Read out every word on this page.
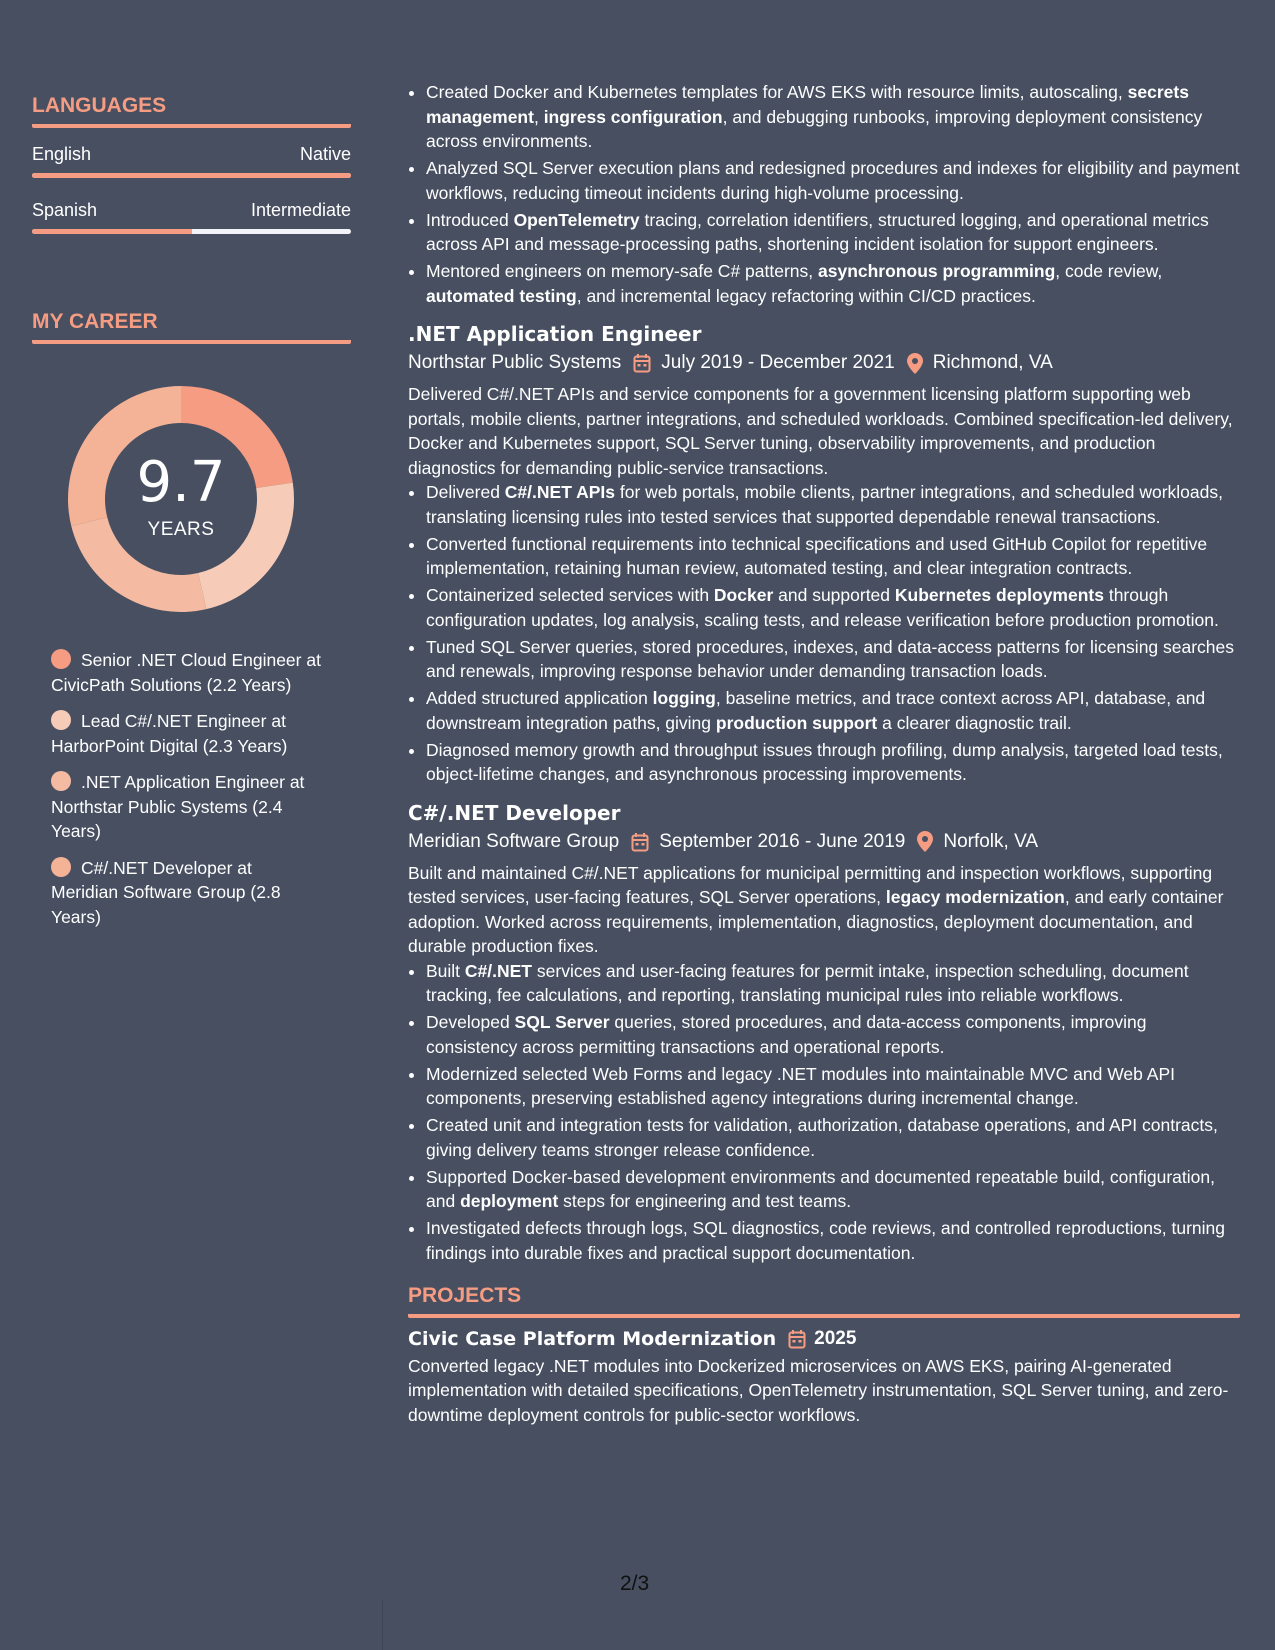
LANGUAGES
English	Native
Spanish	Intermediate
MY CAREER
9.7
YEARS
Senior .NET Cloud Engineer at CivicPath Solutions (2.2 Years)
Lead C#/.NET Engineer at HarborPoint Digital (2.3 Years)
.NET Application Engineer at Northstar Public Systems (2.4 Years)
C#/.NET Developer at Meridian Software Group (2.8 Years)
• Created Docker and Kubernetes templates for AWS EKS with resource limits, autoscaling, secrets management, ingress configuration, and debugging runbooks, improving deployment consistency across environments.
• Analyzed SQL Server execution plans and redesigned procedures and indexes for eligibility and payment workflows, reducing timeout incidents during high-volume processing.
• Introduced OpenTelemetry tracing, correlation identifiers, structured logging, and operational metrics across API and message-processing paths, shortening incident isolation for support engineers.
• Mentored engineers on memory-safe C# patterns, asynchronous programming, code review, automated testing, and incremental legacy refactoring within CI/CD practices.
.NET Application Engineer
Northstar Public Systems July 2019 - December 2021 Richmond, VA
Delivered C#/.NET APIs and service components for a government licensing platform supporting web portals, mobile clients, partner integrations, and scheduled workloads. Combined specification-led delivery, Docker and Kubernetes support, SQL Server tuning, observability improvements, and production diagnostics for demanding public-service transactions.
• Delivered C#/.NET APIs for web portals, mobile clients, partner integrations, and scheduled workloads, translating licensing rules into tested services that supported dependable renewal transactions.
• Converted functional requirements into technical specifications and used GitHub Copilot for repetitive implementation, retaining human review, automated testing, and clear integration contracts.
• Containerized selected services with Docker and supported Kubernetes deployments through configuration updates, log analysis, scaling tests, and release verification before production promotion.
• Tuned SQL Server queries, stored procedures, indexes, and data-access patterns for licensing searches and renewals, improving response behavior under demanding transaction loads.
• Added structured application logging, baseline metrics, and trace context across API, database, and downstream integration paths, giving production support a clearer diagnostic trail.
• Diagnosed memory growth and throughput issues through profiling, dump analysis, targeted load tests, object-lifetime changes, and asynchronous processing improvements.
C#/.NET Developer
Meridian Software Group September 2016 - June 2019 Norfolk, VA
Built and maintained C#/.NET applications for municipal permitting and inspection workflows, supporting tested services, user-facing features, SQL Server operations, legacy modernization, and early container adoption. Worked across requirements, implementation, diagnostics, deployment documentation, and durable production fixes.
• Built C#/.NET services and user-facing features for permit intake, inspection scheduling, document tracking, fee calculations, and reporting, translating municipal rules into reliable workflows.
• Developed SQL Server queries, stored procedures, and data-access components, improving consistency across permitting transactions and operational reports.
• Modernized selected Web Forms and legacy .NET modules into maintainable MVC and Web API components, preserving established agency integrations during incremental change.
• Created unit and integration tests for validation, authorization, database operations, and API contracts, giving delivery teams stronger release confidence.
• Supported Docker-based development environments and documented repeatable build, configuration, and deployment steps for engineering and test teams.
• Investigated defects through logs, SQL diagnostics, code reviews, and controlled reproductions, turning findings into durable fixes and practical support documentation.
PROJECTS
Civic Case Platform Modernization 2025
Converted legacy .NET modules into Dockerized microservices on AWS EKS, pairing AI-generated implementation with detailed specifications, OpenTelemetry instrumentation, SQL Server tuning, and zero-downtime deployment controls for public-sector workflows.
2/3
